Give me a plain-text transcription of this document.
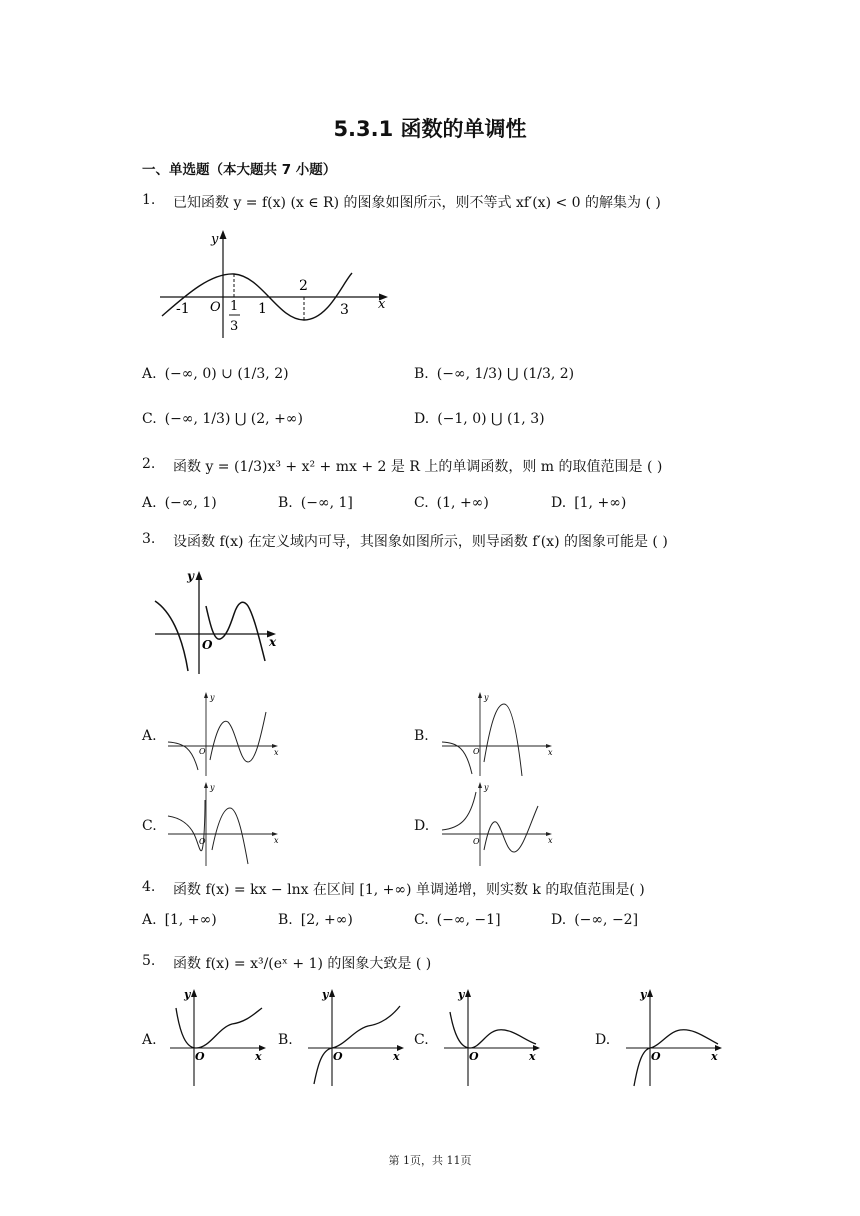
5.3.1 函数的单调性
一、单选题（本大题共 7 小题）
1. 已知函数 y = f(x) (x ∈ R) 的图象如图所示，则不等式 xf′(x) < 0 的解集为 ( )
y
x
O
-1	1
2
3
1
3
A. (−∞, 0) ∪ (1/3, 2)	B. (−∞, 1/3) ⋃ (1/3, 2)
C. (−∞, 1/3) ⋃ (2, +∞)	D. (−1, 0) ⋃ (1, 3)
2. 函数 y = (1/3)x³ + x² + mx + 2 是 R 上的单调函数，则 m 的取值范围是 ( )
A. (−∞, 1)	B. (−∞, 1]	C. (1, +∞)	D. [1, +∞)
3. 设函数 f(x) 在定义域内可导，其图象如图所示，则导函数 f′(x) 的图象可能是 ( )
y
x
O
A.
y
x
O
B.
y
x
O
C.
y
x
O
D.
y
x
O
4. 函数 f(x) = kx − lnx 在区间 [1, +∞) 单调递增，则实数 k 的取值范围是( )
A. [1, +∞)	B. [2, +∞)	C. (−∞, −1]	D. (−∞, −2]
5. 函数 f(x) = x³/(eˣ + 1) 的图象大致是 ( )
A.
y
x
O
B.
y
x
O
C.
y
x
O
D.
y
x
O
第 1页，共 11页
